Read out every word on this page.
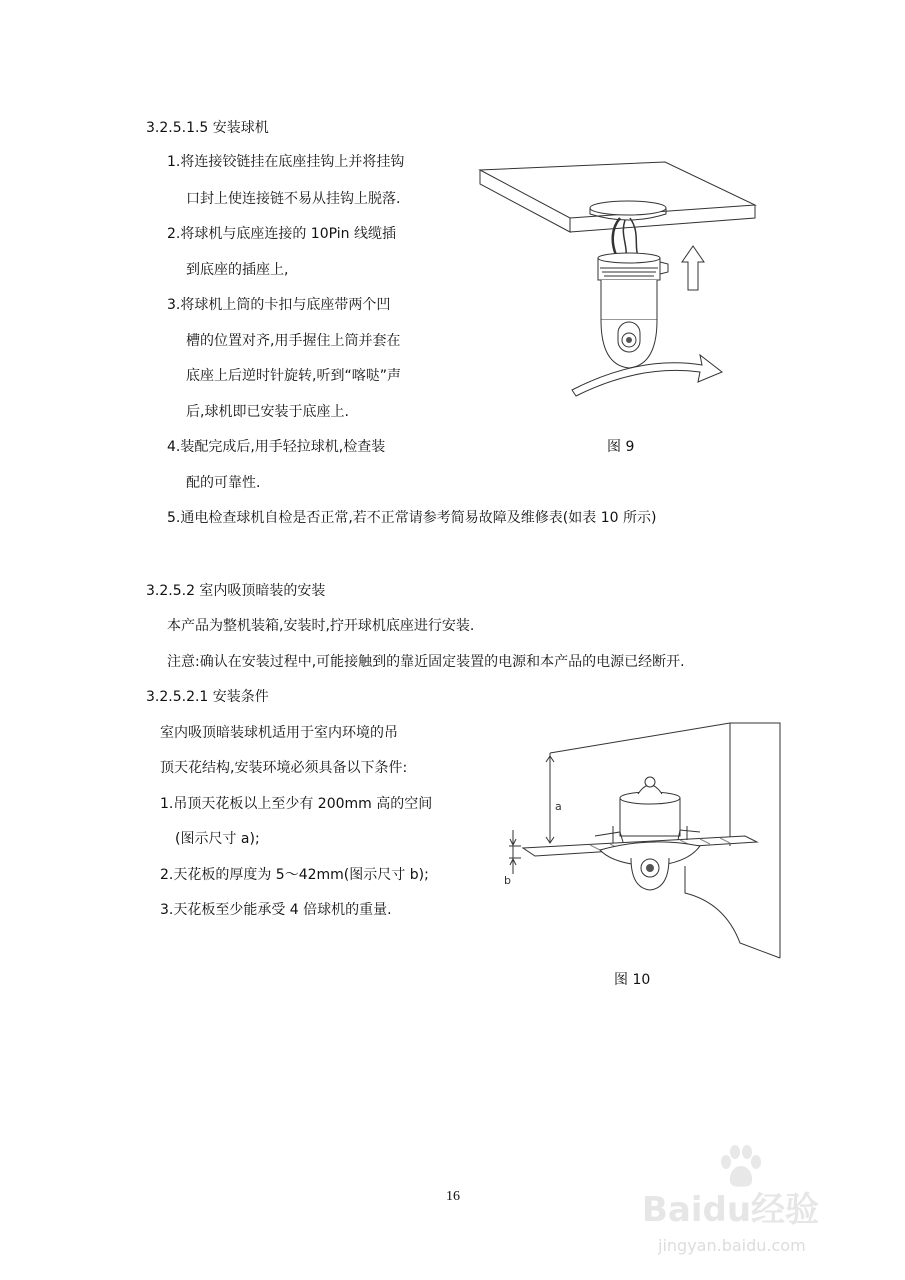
3.2.5.1.5 安装球机
1.将连接铰链挂在底座挂钩上并将挂钩
口封上使连接链不易从挂钩上脱落.
2.将球机与底座连接的 10Pin 线缆插
到底座的插座上,
3.将球机上筒的卡扣与底座带两个凹
槽的位置对齐,用手握住上筒并套在
底座上后逆时针旋转,听到“喀哒”声
后,球机即已安装于底座上.
4.装配完成后,用手轻拉球机,检查装
配的可靠性.
5.通电检查球机自检是否正常,若不正常请参考简易故障及维修表(如表 10 所示)
图 9
3.2.5.2 室内吸顶暗装的安装
本产品为整机装箱,安装时,拧开球机底座进行安装.
注意:确认在安装过程中,可能接触到的靠近固定装置的电源和本产品的电源已经断开.
3.2.5.2.1 安装条件
室内吸顶暗装球机适用于室内环境的吊
顶天花结构,安装环境必须具备以下条件:
1.吊顶天花板以上至少有 200mm 高的空间
(图示尺寸 a);
2.天花板的厚度为 5～42mm(图示尺寸 b);
3.天花板至少能承受 4 倍球机的重量.
图 10
a
b
16	Baidu经验
jingyan.baidu.com
